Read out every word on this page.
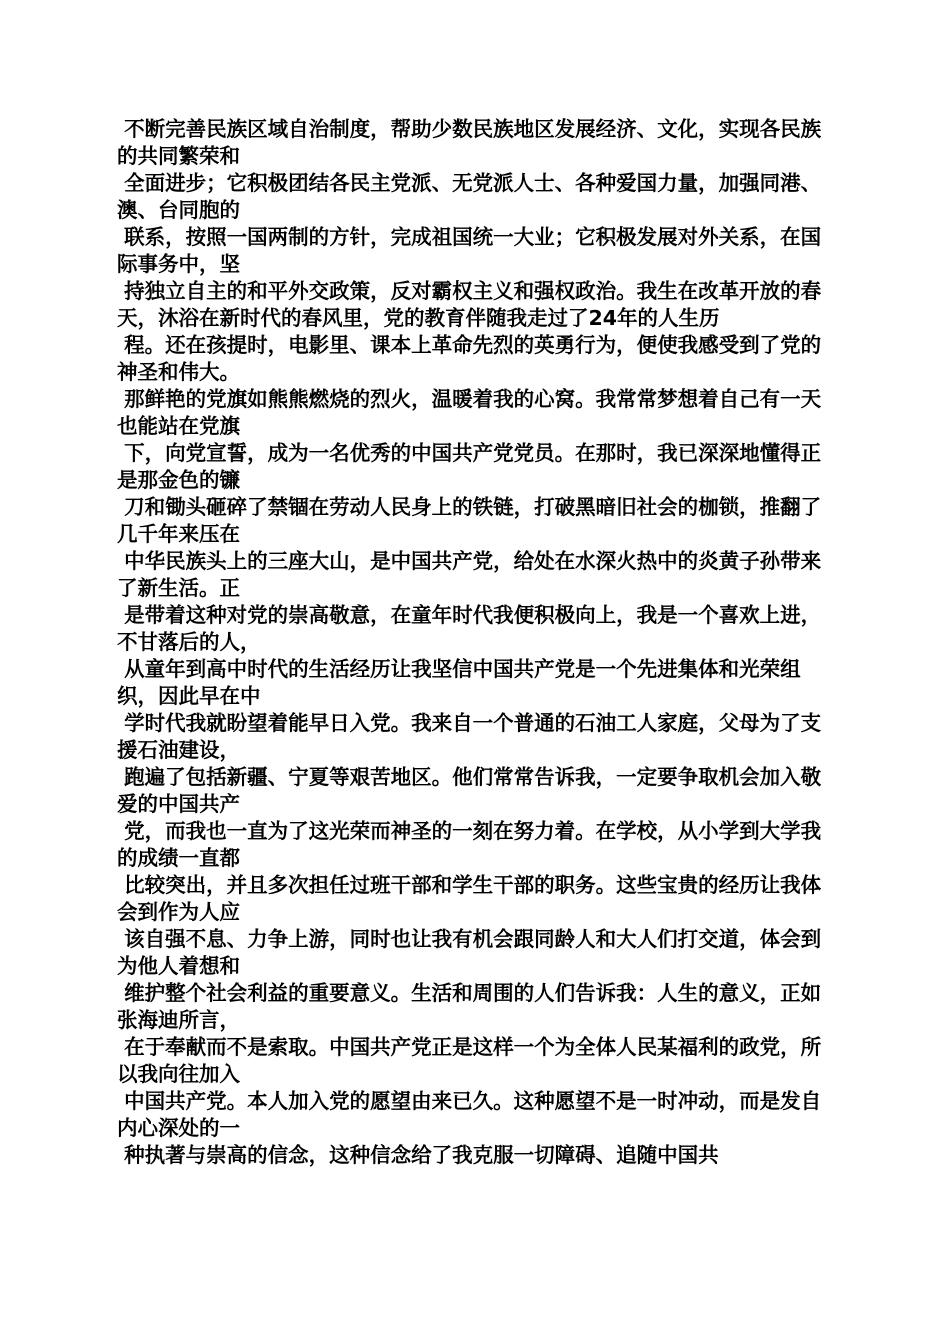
不断完善民族区域自治制度，帮助少数民族地区发展经济、文化，实现各民族的共同繁荣和

全面进步；它积极团结各民主党派、无党派人士、各种爱国力量，加强同港、澳、台同胞的

联系，按照一国两制的方针，完成祖国统一大业；它积极发展对外关系，在国际事务中，坚

持独立自主的和平外交政策，反对霸权主义和强权政治。我生在改革开放的春天，沐浴在新时代的春风里，党的教育伴随我走过了24年的人生历

程。还在孩提时，电影里、课本上革命先烈的英勇行为，便使我感受到了党的神圣和伟大。

那鲜艳的党旗如熊熊燃烧的烈火，温暖着我的心窝。我常常梦想着自己有一天也能站在党旗

下，向党宣誓，成为一名优秀的中国共产党党员。在那时，我已深深地懂得正是那金色的镰

刀和锄头砸碎了禁锢在劳动人民身上的铁链，打破黑暗旧社会的枷锁，推翻了几千年来压在

中华民族头上的三座大山，是中国共产党，给处在水深火热中的炎黄子孙带来了新生活。正

是带着这种对党的崇高敬意，在童年时代我便积极向上，我是一个喜欢上进，不甘落后的人，

从童年到高中时代的生活经历让我坚信中国共产党是一个先进集体和光荣组织，因此早在中

学时代我就盼望着能早日入党。我来自一个普通的石油工人家庭，父母为了支援石油建设，

跑遍了包括新疆、宁夏等艰苦地区。他们常常告诉我，一定要争取机会加入敬爱的中国共产

党，而我也一直为了这光荣而神圣的一刻在努力着。在学校，从小学到大学我的成绩一直都

比较突出，并且多次担任过班干部和学生干部的职务。这些宝贵的经历让我体会到作为人应

该自强不息、力争上游，同时也让我有机会跟同龄人和大人们打交道，体会到为他人着想和

维护整个社会利益的重要意义。生活和周围的人们告诉我：人生的意义，正如张海迪所言，

在于奉献而不是索取。中国共产党正是这样一个为全体人民某福利的政党，所以我向往加入

中国共产党。本人加入党的愿望由来已久。这种愿望不是一时冲动，而是发自内心深处的一

种执著与崇高的信念，这种信念给了我克服一切障碍、追随中国共
